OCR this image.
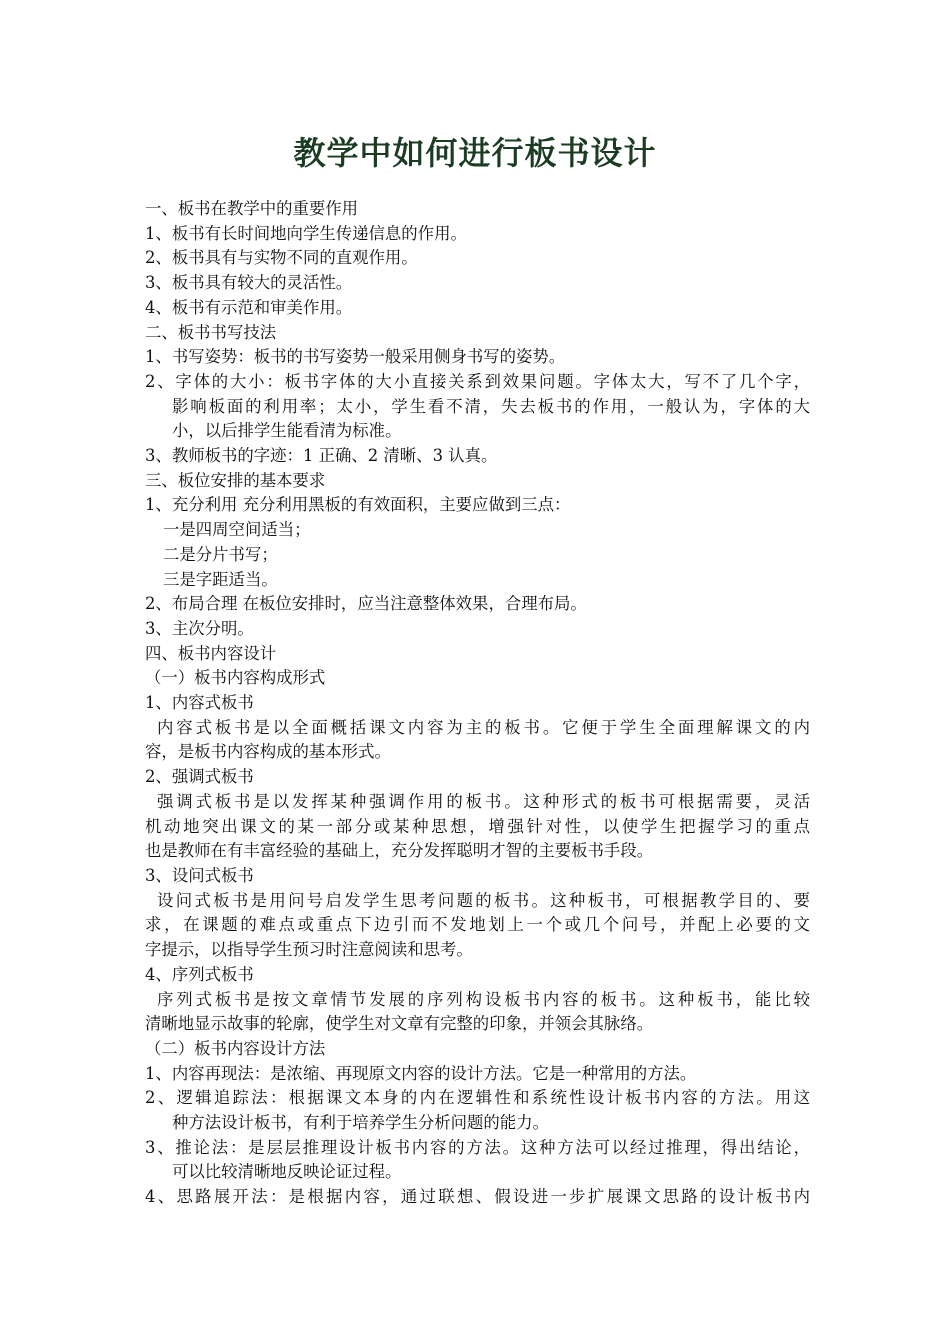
教学中如何进行板书设计
一、板书在教学中的重要作用
1、板书有长时间地向学生传递信息的作用。
2、板书具有与实物不同的直观作用。
3、板书具有较大的灵活性。
4、板书有示范和审美作用。
二、板书书写技法
1、书写姿势：板书的书写姿势一般采用侧身书写的姿势。
2、字体的大小：板书字体的大小直接关系到效果问题。字体太大，写不了几个字，
影响板面的利用率；太小，学生看不清，失去板书的作用，一般认为，字体的大
小，以后排学生能看清为标准。
3、教师板书的字迹：1 正确、2 清晰、3 认真。
三、板位安排的基本要求
1、充分利用 充分利用黑板的有效面积，主要应做到三点：
一是四周空间适当；
二是分片书写；
三是字距适当。
2、布局合理 在板位安排时，应当注意整体效果，合理布局。
3、主次分明。
四、板书内容设计
（一）板书内容构成形式
1、内容式板书
内容式板书是以全面概括课文内容为主的板书。它便于学生全面理解课文的内
容，是板书内容构成的基本形式。
2、强调式板书
强调式板书是以发挥某种强调作用的板书。这种形式的板书可根据需要，灵活
机动地突出课文的某一部分或某种思想，增强针对性，以使学生把握学习的重点
也是教师在有丰富经验的基础上，充分发挥聪明才智的主要板书手段。
3、设问式板书
设问式板书是用问号启发学生思考问题的板书。这种板书，可根据教学目的、要
求，在课题的难点或重点下边引而不发地划上一个或几个问号，并配上必要的文
字提示，以指导学生预习时注意阅读和思考。
4、序列式板书
序列式板书是按文章情节发展的序列构设板书内容的板书。这种板书，能比较
清晰地显示故事的轮廓，使学生对文章有完整的印象，并领会其脉络。
（二）板书内容设计方法
1、内容再现法：是浓缩、再现原文内容的设计方法。它是一种常用的方法。
2、逻辑追踪法：根据课文本身的内在逻辑性和系统性设计板书内容的方法。用这
种方法设计板书，有利于培养学生分析问题的能力。
3、推论法：是层层推理设计板书内容的方法。这种方法可以经过推理，得出结论，
可以比较清晰地反映论证过程。
4、思路展开法：是根据内容，通过联想、假设进一步扩展课文思路的设计板书内
